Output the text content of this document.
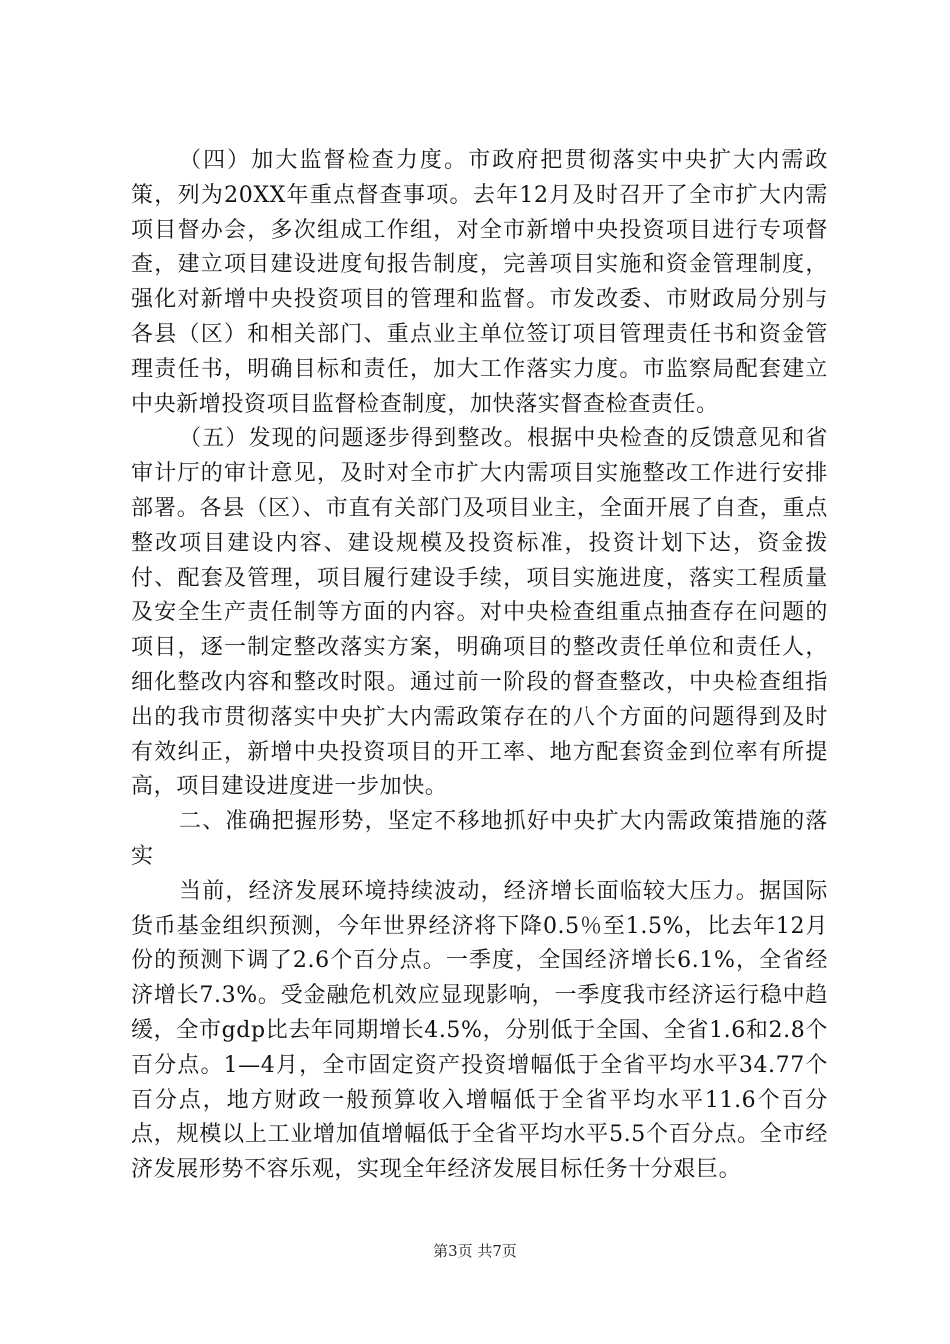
（四）加大监督检查力度。市政府把贯彻落实中央扩大内需政策，列为20XX年重点督查事项。去年12月及时召开了全市扩大内需项目督办会，多次组成工作组，对全市新增中央投资项目进行专项督查，建立项目建设进度旬报告制度，完善项目实施和资金管理制度，强化对新增中央投资项目的管理和监督。市发改委、市财政局分别与各县（区）和相关部门、重点业主单位签订项目管理责任书和资金管理责任书，明确目标和责任，加大工作落实力度。市监察局配套建立中央新增投资项目监督检查制度，加快落实督查检查责任。

（五）发现的问题逐步得到整改。根据中央检查的反馈意见和省审计厅的审计意见，及时对全市扩大内需项目实施整改工作进行安排部署。各县（区）、市直有关部门及项目业主，全面开展了自查，重点整改项目建设内容、建设规模及投资标准，投资计划下达，资金拨付、配套及管理，项目履行建设手续，项目实施进度，落实工程质量及安全生产责任制等方面的内容。对中央检查组重点抽查存在问题的项目，逐一制定整改落实方案，明确项目的整改责任单位和责任人，细化整改内容和整改时限。通过前一阶段的督查整改，中央检查组指出的我市贯彻落实中央扩大内需政策存在的八个方面的问题得到及时有效纠正，新增中央投资项目的开工率、地方配套资金到位率有所提高，项目建设进度进一步加快。

二、准确把握形势，坚定不移地抓好中央扩大内需政策措施的落实

当前，经济发展环境持续波动，经济增长面临较大压力。据国际货币基金组织预测，今年世界经济将下降0.5％至1.5%，比去年12月份的预测下调了2.6个百分点。一季度，全国经济增长6.1%，全省经济增长7.3%。受金融危机效应显现影响，一季度我市经济运行稳中趋缓，全市gdp比去年同期增长4.5%，分别低于全国、全省1.6和2.8个百分点。1—4月，全市固定资产投资增幅低于全省平均水平34.77个百分点，地方财政一般预算收入增幅低于全省平均水平11.6个百分点，规模以上工业增加值增幅低于全省平均水平5.5个百分点。全市经济发展形势不容乐观，实现全年经济发展目标任务十分艰巨。

第3页 共7页
